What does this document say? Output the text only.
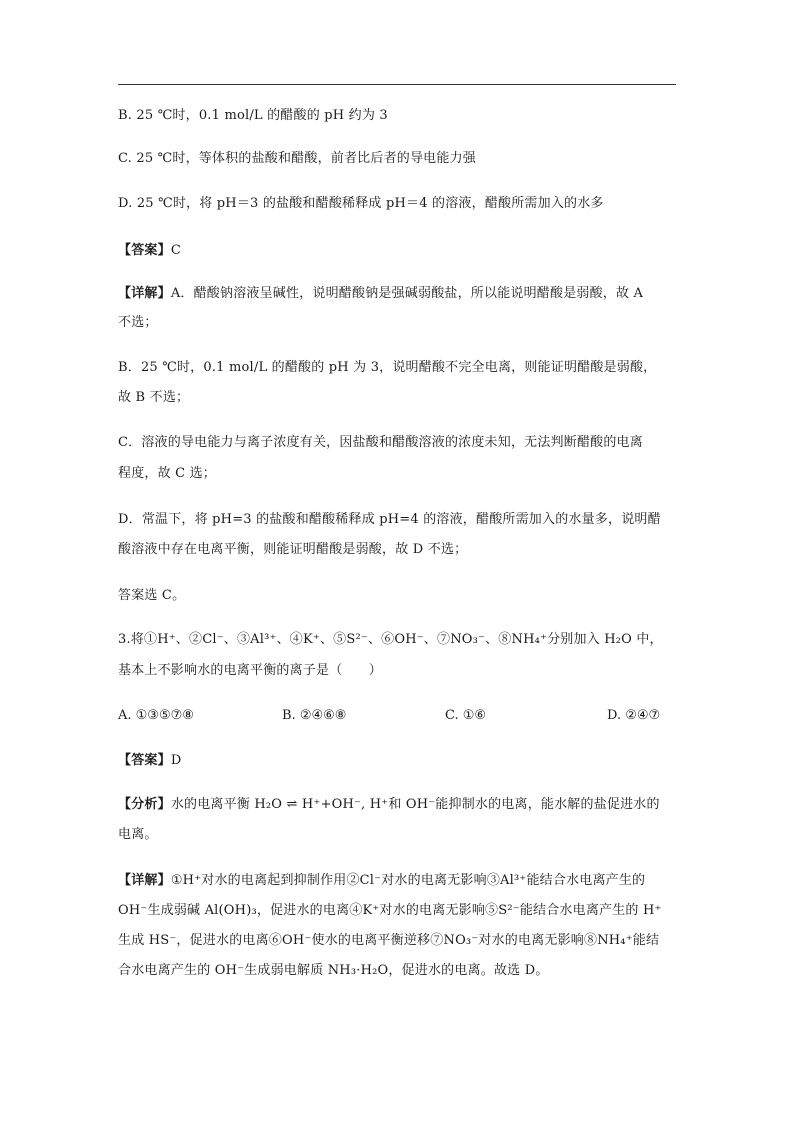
B. 25 ℃时，0.1 mol/L 的醋酸的 pH 约为 3
C. 25 ℃时，等体积的盐酸和醋酸，前者比后者的导电能力强
D. 25 ℃时，将 pH＝3 的盐酸和醋酸稀释成 pH＝4 的溶液，醋酸所需加入的水多
【答案】C
【详解】A．醋酸钠溶液呈碱性，说明醋酸钠是强碱弱酸盐，所以能说明醋酸是弱酸，故 A
不选；
B．25 ℃时，0.1 mol/L 的醋酸的 pH 为 3，说明醋酸不完全电离，则能证明醋酸是弱酸，
故 B 不选；
C．溶液的导电能力与离子浓度有关，因盐酸和醋酸溶液的浓度未知，无法判断醋酸的电离
程度，故 C 选；
D．常温下，将 pH=3 的盐酸和醋酸稀释成 pH=4 的溶液，醋酸所需加入的水量多，说明醋
酸溶液中存在电离平衡，则能证明醋酸是弱酸，故 D 不选；
答案选 C。
3.将①H⁺、②Cl⁻、③Al³⁺、④K⁺、⑤S²⁻、⑥OH⁻、⑦NO₃⁻、⑧NH₄⁺分别加入 H₂O 中，
基本上不影响水的电离平衡的离子是（　　）
A. ①③⑤⑦⑧	B. ②④⑥⑧	C. ①⑥	D. ②④⑦
【答案】D
【分析】水的电离平衡 H₂O ⇌ H⁺+OH⁻, H⁺和 OH⁻能抑制水的电离，能水解的盐促进水的
电离。
【详解】①H⁺对水的电离起到抑制作用②Cl⁻对水的电离无影响③Al³⁺能结合水电离产生的
OH⁻生成弱碱 Al(OH)₃，促进水的电离④K⁺对水的电离无影响⑤S²⁻能结合水电离产生的 H⁺
生成 HS⁻，促进水的电离⑥OH⁻使水的电离平衡逆移⑦NO₃⁻对水的电离无影响⑧NH₄⁺能结
合水电离产生的 OH⁻生成弱电解质 NH₃·H₂O，促进水的电离。故选 D。
